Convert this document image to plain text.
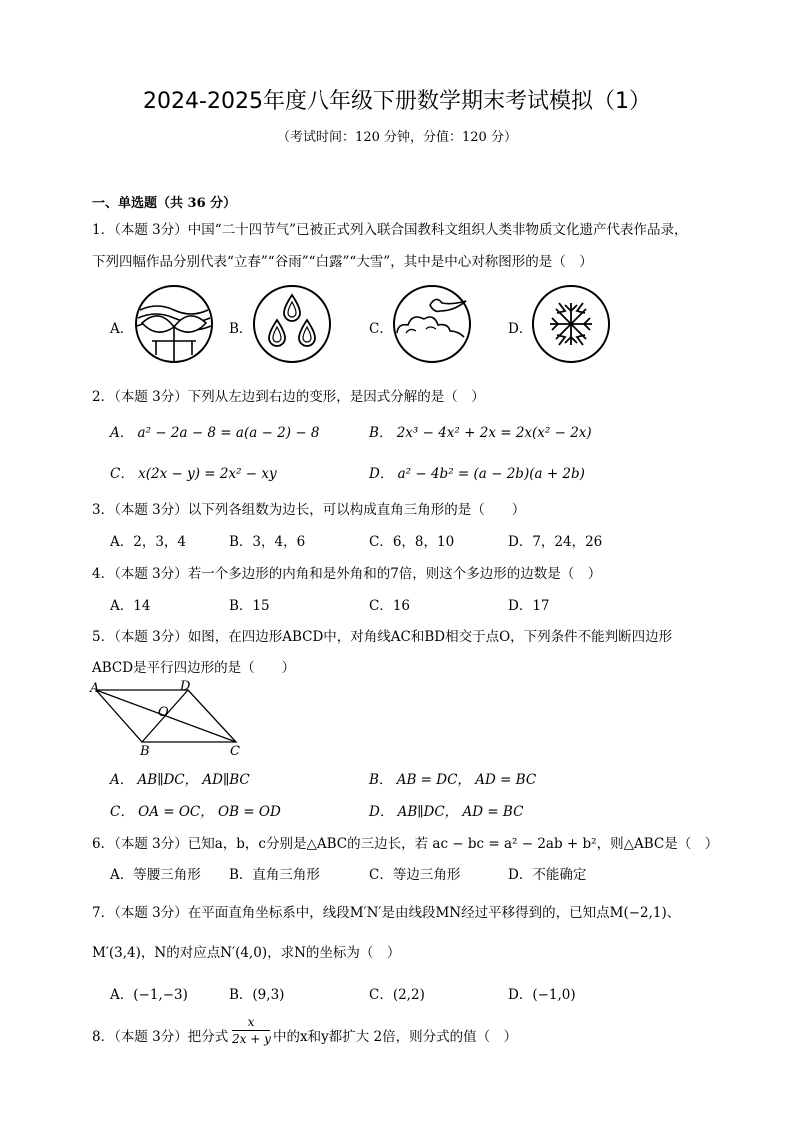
2024-2025年度八年级下册数学期末考试模拟（1）
（考试时间：120 分钟，分值：120 分）
一、单选题（共 36 分）
1．（本题 3分）中国“二十四节气”已被正式列入联合国教科文组织人类非物质文化遗产代表作品录，
下列四幅作品分别代表“立春”“谷雨”“白露”“大雪”，其中是中心对称图形的是（　）
A．	B．	C．	D．
2．（本题 3分）下列从左边到右边的变形，是因式分解的是（　）
A． a² − 2a − 8 = a(a − 2) − 8	B． 2x³ − 4x² + 2x = 2x(x² − 2x)
C． x(2x − y) = 2x² − xy	D． a² − 4b² = (a − 2b)(a + 2b)
3．（本题 3分）以下列各组数为边长，可以构成直角三角形的是（　　）
A．2，3，4	B．3，4，6	C．6，8，10	D．7，24，26
4．（本题 3分）若一个多边形的内角和是外角和的7倍，则这个多边形的边数是（　）
A．14	B．15	C．16	D．17
5．（本题 3分）如图，在四边形ABCD中，对角线AC和BD相交于点O，下列条件不能判断四边形
ABCD是平行四边形的是（　　）
A	D
O
B	C
A． AB∥DC， AD∥BC	B． AB = DC， AD = BC
C． OA = OC， OB = OD	D． AB∥DC， AD = BC
6．（本题 3分）已知a，b，c分别是△ABC的三边长，若 ac − bc = a² − 2ab + b²，则△ABC是（　）
A．等腰三角形 B．直角三角形	C．等边三角形	D．不能确定
7．（本题 3分）在平面直角坐标系中，线段M′N′是由线段MN经过平移得到的，已知点M(−2,1)、
M′(3,4)，N的对应点N′(4,0)，求N的坐标为（　）
A．(−1,−3)	B．(9,3)	C．(2,2)	D．(−1,0)
8．（本题 3分）把分式 $\frac{x}{2x + y}$ 中的x和y都扩大 2倍，则分式的值（　）
